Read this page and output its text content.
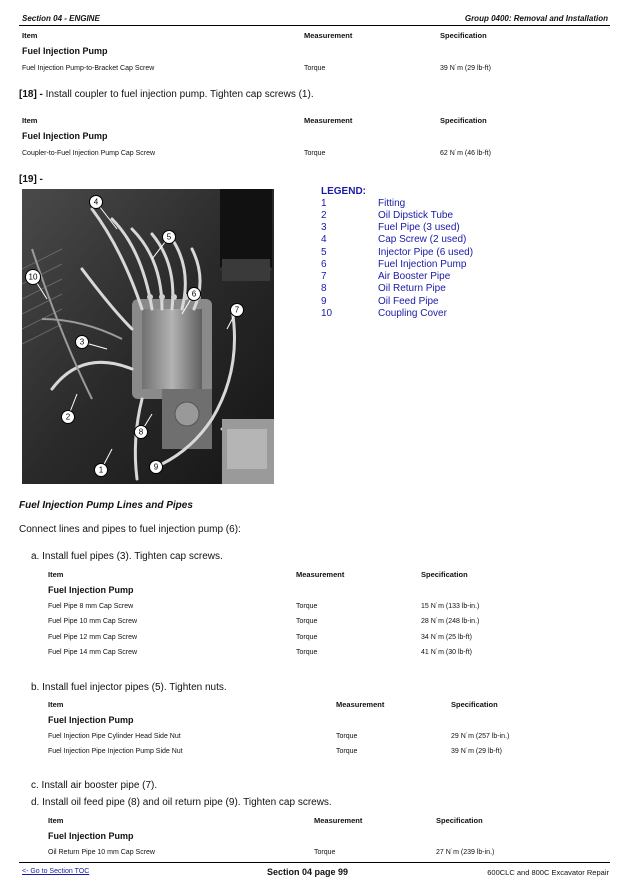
Section 04 - ENGINE	Group 0400: Removal and Installation
Item	Measurement	Specification
Fuel Injection Pump
Fuel Injection Pump-to-Bracket Cap Screw	Torque	39 N˙m (29 lb-ft)
[18] - Install coupler to fuel injection pump. Tighten cap screws (1).
Item	Measurement	Specification
Fuel Injection Pump
Coupler-to-Fuel Injection Pump Cap Screw	Torque	62 N˙m (46 lb-ft)
[19] -
4
5
10
6
7
3
2
8
9
1
LEGEND:
1	Fitting
2	Oil Dipstick Tube
3	Fuel Pipe (3 used)
4	Cap Screw (2 used)
5	Injector Pipe (6 used)
6	Fuel Injection Pump
7	Air Booster Pipe
8	Oil Return Pipe
9	Oil Feed Pipe
10	Coupling Cover
Fuel Injection Pump Lines and Pipes
Connect lines and pipes to fuel injection pump (6):
a. Install fuel pipes (3). Tighten cap screws.
Item	Measurement	Specification
Fuel Injection Pump
Fuel Pipe 8 mm Cap Screw	Torque	15 N˙m (133 lb-in.)
Fuel Pipe 10 mm Cap Screw	Torque	28 N˙m (248 lb-in.)
Fuel Pipe 12 mm Cap Screw	Torque	34 N˙m (25 lb-ft)
Fuel Pipe 14 mm Cap Screw	Torque	41 N˙m (30 lb-ft)
b. Install fuel injector pipes (5). Tighten nuts.
Item	Measurement	Specification
Fuel Injection Pump
Fuel Injection Pipe Cylinder Head Side Nut	Torque	29 N˙m (257 lb-in.)
Fuel Injection Pipe Injection Pump Side Nut	Torque	39 N˙m (29 lb-ft)
c. Install air booster pipe (7).
d. Install oil feed pipe (8) and oil return pipe (9). Tighten cap screws.
Item	Measurement	Specification
Fuel Injection Pump
Oil Return Pipe 10 mm Cap Screw	Torque	27 N˙m (239 lb-in.)
<- Go to Section TOC	Section 04 page 99	600CLC and 800C Excavator Repair
